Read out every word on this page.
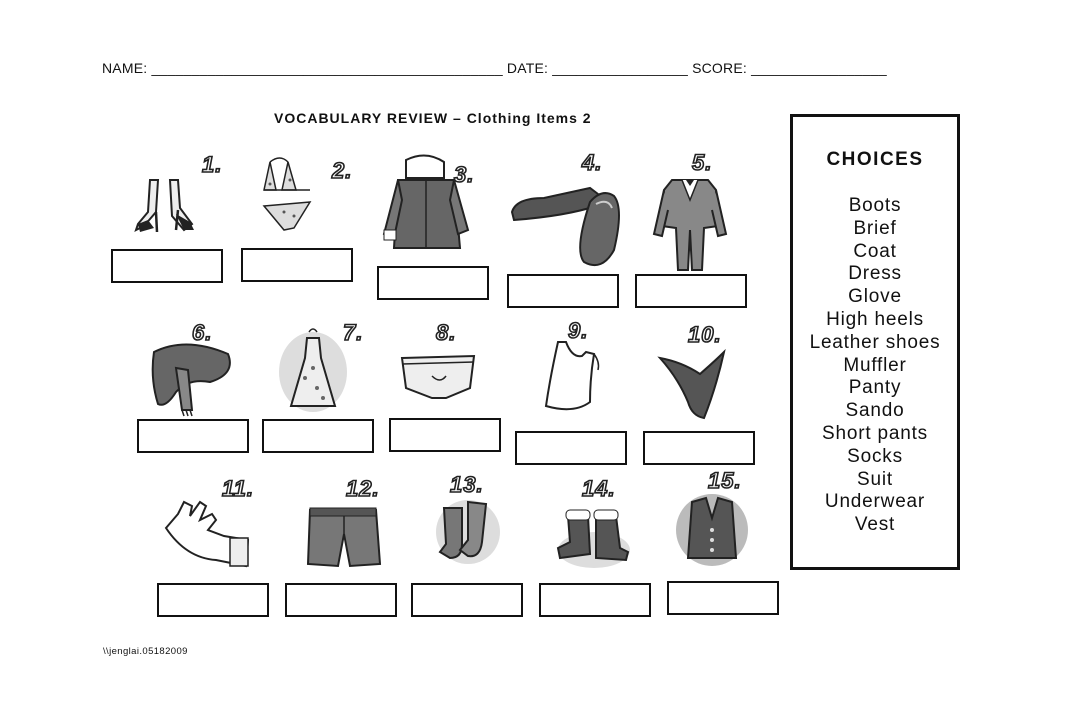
NAME: ____________________________________________ DATE: _________________ SCORE: _________________
VOCABULARY REVIEW – Clothing Items 2
CHOICES
Boots
Brief
Coat
Dress
Glove
High heels
Leather shoes
Muffler
Panty
Sando
Short pants
Socks
Suit
Underwear
Vest
1.	2.	3.	4.	5.
6.	7.	8.	9.	10.
11.	12.	13.	14.	15.
\\jenglai.05182009
